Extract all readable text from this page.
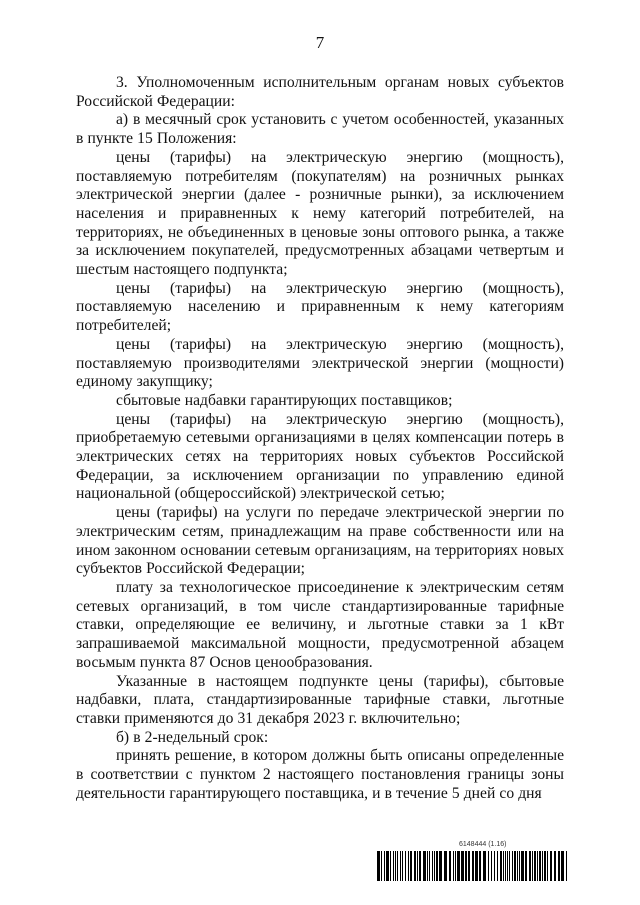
7

3. Уполномоченным исполнительным органам новых субъектов Российской Федерации:

а) в месячный срок установить с учетом особенностей, указанных в пункте 15 Положения:

цены (тарифы) на электрическую энергию (мощность), поставляемую потребителям (покупателям) на розничных рынках электрической энергии (далее - розничные рынки), за исключением населения и приравненных к нему категорий потребителей, на территориях, не объединенных в ценовые зоны оптового рынка, а также за исключением покупателей, предусмотренных абзацами четвертым и шестым настоящего подпункта;

цены (тарифы) на электрическую энергию (мощность), поставляемую населению и приравненным к нему категориям потребителей;

цены (тарифы) на электрическую энергию (мощность), поставляемую производителями электрической энергии (мощности) единому закупщику;

сбытовые надбавки гарантирующих поставщиков;

цены (тарифы) на электрическую энергию (мощность), приобретаемую сетевыми организациями в целях компенсации потерь в электрических сетях на территориях новых субъектов Российской Федерации, за исключением организации по управлению единой национальной (общероссийской) электрической сетью;

цены (тарифы) на услуги по передаче электрической энергии по электрическим сетям, принадлежащим на праве собственности или на ином законном основании сетевым организациям, на территориях новых субъектов Российской Федерации;

плату за технологическое присоединение к электрическим сетям сетевых организаций, в том числе стандартизированные тарифные ставки, определяющие ее величину, и льготные ставки за 1 кВт запрашиваемой максимальной мощности, предусмотренной абзацем восьмым пункта 87 Основ ценообразования.

Указанные в настоящем подпункте цены (тарифы), сбытовые надбавки, плата, стандартизированные тарифные ставки, льготные ставки применяются до 31 декабря 2023 г. включительно;

б) в 2-недельный срок:

принять решение, в котором должны быть описаны определенные в соответствии с пунктом 2 настоящего постановления границы зоны деятельности гарантирующего поставщика, и в течение 5 дней со дня

6148444 (1.16)
